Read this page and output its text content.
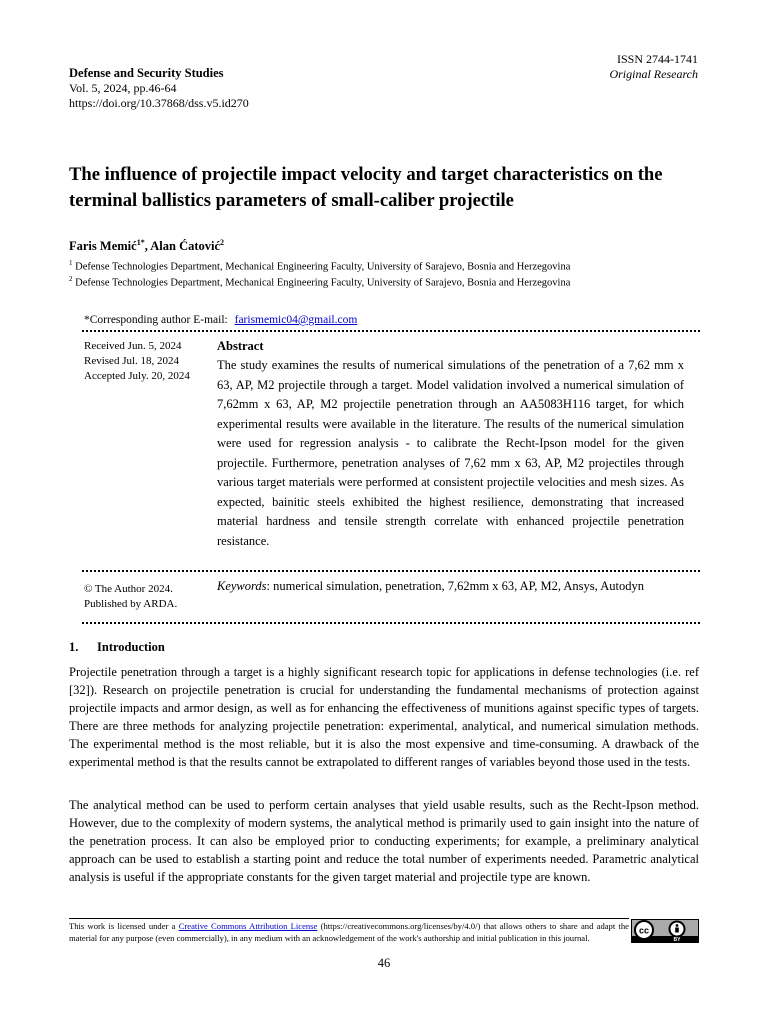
Defense and Security Studies
Vol. 5, 2024, pp.46-64
https://doi.org/10.37868/dss.v5.id270
ISSN 2744-1741
Original Research
The influence of projectile impact velocity and target characteristics on the terminal ballistics parameters of small-caliber projectile
Faris Memić$^{1*}$, Alan Ćatović$^2$
$^1$ Defense Technologies Department, Mechanical Engineering Faculty, University of Sarajevo, Bosnia and Herzegovina
$^2$ Defense Technologies Department, Mechanical Engineering Faculty, University of Sarajevo, Bosnia and Herzegovina
*Corresponding author E-mail: farismemic04@gmail.com
Received Jun. 5, 2024
Revised Jul. 18, 2024
Accepted July. 20, 2024
Abstract
The study examines the results of numerical simulations of the penetration of a 7,62 mm x 63, AP, M2 projectile through a target. Model validation involved a numerical simulation of 7,62mm x 63, AP, M2 projectile penetration through an AA5083H116 target, for which experimental results were available in the literature. The results of the numerical simulation were used for regression analysis - to calibrate the Recht-Ipson model for the given projectile. Furthermore, penetration analyses of 7,62 mm x 63, AP, M2 projectiles through various target materials were performed at consistent projectile velocities and mesh sizes. As expected, bainitic steels exhibited the highest resilience, demonstrating that increased material hardness and tensile strength correlate with enhanced projectile penetration resistance.
© The Author 2024.
Published by ARDA.
Keywords: numerical simulation, penetration, 7,62mm x 63, AP, M2, Ansys, Autodyn
1. Introduction
Projectile penetration through a target is a highly significant research topic for applications in defense technologies (i.e. ref [32]). Research on projectile penetration is crucial for understanding the fundamental mechanisms of protection against projectile impacts and armor design, as well as for enhancing the effectiveness of munitions against specific types of targets. There are three methods for analyzing projectile penetration: experimental, analytical, and numerical simulation methods. The experimental method is the most reliable, but it is also the most expensive and time-consuming. A drawback of the experimental method is that the results cannot be extrapolated to different ranges of variables beyond those used in the tests.
The analytical method can be used to perform certain analyses that yield usable results, such as the Recht-Ipson method. However, due to the complexity of modern systems, the analytical method is primarily used to gain insight into the nature of the penetration process. It can also be employed prior to conducting experiments; for example, a preliminary analytical approach can be used to establish a starting point and reduce the total number of experiments needed. Parametric analytical analysis is useful if the appropriate constants for the given target material and projectile type are known.
This work is licensed under a Creative Commons Attribution License (https://creativecommons.org/licenses/by/4.0/) that allows others to share and adapt the material for any purpose (even commercially), in any medium with an acknowledgement of the work's authorship and initial publication in this journal.
cc
BY
46
